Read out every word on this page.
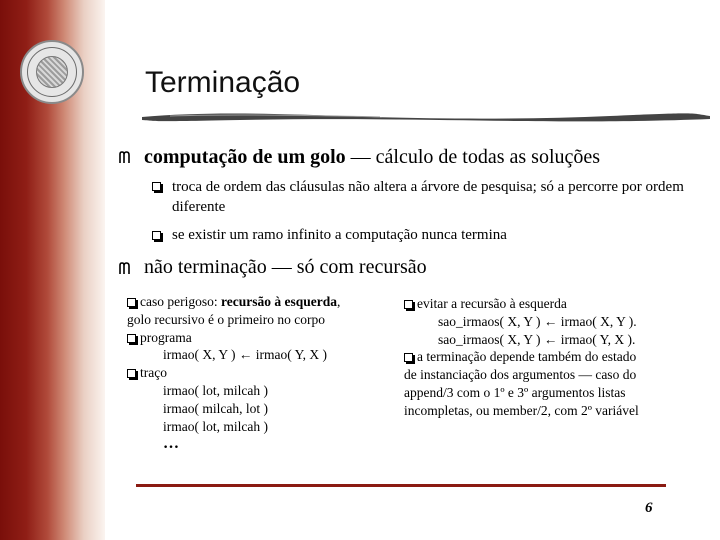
Terminação
computação de um golo — cálculo de todas as soluções
troca de ordem das cláusulas não altera a árvore de pesquisa; só a percorre por ordem diferente
se existir um ramo infinito a computação nunca termina
não terminação — só com recursão
caso perigoso: recursão à esquerda,
golo recursivo é o primeiro no corpo
programa
irmao( X, Y ) ← irmao( Y, X )
traço
irmao( lot, milcah )
irmao( milcah, lot )
irmao( lot, milcah )
…
evitar a recursão à esquerda
sao_irmaos( X, Y ) ← irmao( X, Y ).
sao_irmaos( X, Y ) ← irmao( Y, X ).
a terminação depende também do estado
de instanciação dos argumentos — caso do
append/3 com o 1º e 3º argumentos listas
incompletas, ou member/2, com 2º variável
6
